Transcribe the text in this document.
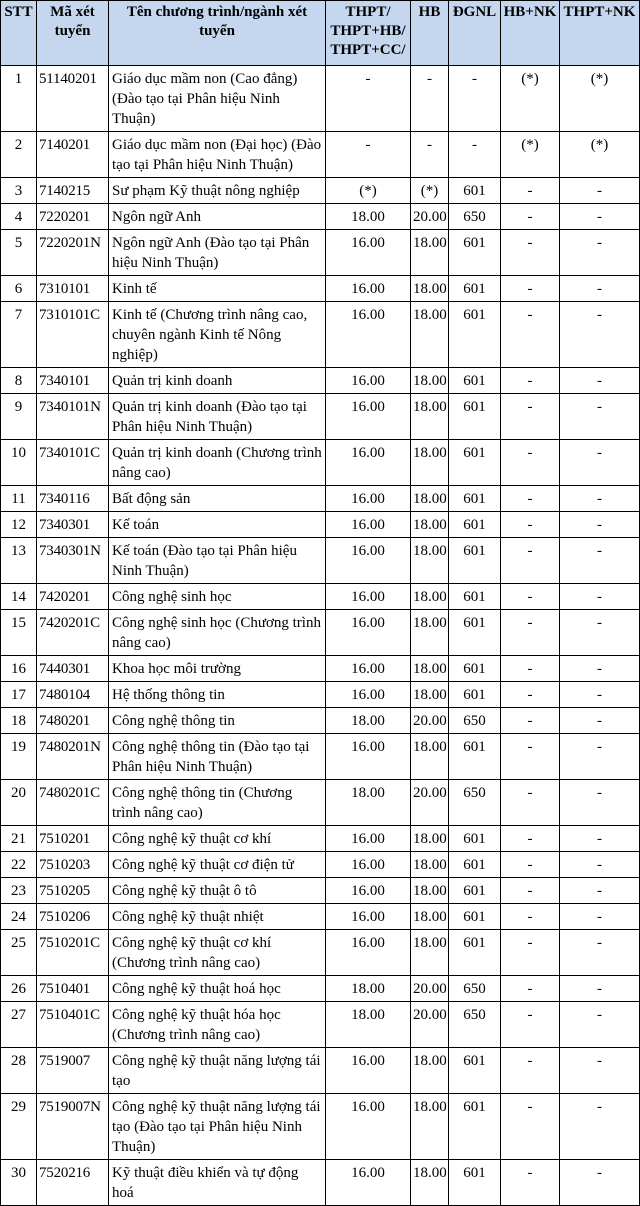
STT	Mã xét tuyển	Tên chương trình/ngành xét tuyển	THPT/ THPT+HB/ THPT+CC/	HB	ĐGNL	HB+NK	THPT+NK
1	51140201	Giáo dục mầm non (Cao đẳng) (Đào tạo tại Phân hiệu Ninh Thuận)	-	-	-	(*)	(*)
2	7140201	Giáo dục mầm non (Đại học) (Đào tạo tại Phân hiệu Ninh Thuận)	-	-	-	(*)	(*)
3	7140215	Sư phạm Kỹ thuật nông nghiệp	(*)	(*)	601	-	-
4	7220201	Ngôn ngữ Anh	18.00	20.00	650	-	-
5	7220201N	Ngôn ngữ Anh (Đào tạo tại Phân hiệu Ninh Thuận)	16.00	18.00	601	-	-
6	7310101	Kinh tế	16.00	18.00	601	-	-
7	7310101C	Kinh tế (Chương trình nâng cao, chuyên ngành Kinh tế Nông nghiệp)	16.00	18.00	601	-	-
8	7340101	Quản trị kinh doanh	16.00	18.00	601	-	-
9	7340101N	Quản trị kinh doanh (Đào tạo tại Phân hiệu Ninh Thuận)	16.00	18.00	601	-	-
10	7340101C	Quản trị kinh doanh (Chương trình nâng cao)	16.00	18.00	601	-	-
11	7340116	Bất động sản	16.00	18.00	601	-	-
12	7340301	Kế toán	16.00	18.00	601	-	-
13	7340301N	Kế toán (Đào tạo tại Phân hiệu Ninh Thuận)	16.00	18.00	601	-	-
14	7420201	Công nghệ sinh học	16.00	18.00	601	-	-
15	7420201C	Công nghệ sinh học (Chương trình nâng cao)	16.00	18.00	601	-	-
16	7440301	Khoa học môi trường	16.00	18.00	601	-	-
17	7480104	Hệ thống thông tin	16.00	18.00	601	-	-
18	7480201	Công nghệ thông tin	18.00	20.00	650	-	-
19	7480201N	Công nghệ thông tin (Đào tạo tại Phân hiệu Ninh Thuận)	16.00	18.00	601	-	-
20	7480201C	Công nghệ thông tin (Chương trình nâng cao)	18.00	20.00	650	-	-
21	7510201	Công nghệ kỹ thuật cơ khí	16.00	18.00	601	-	-
22	7510203	Công nghệ kỹ thuật cơ điện tử	16.00	18.00	601	-	-
23	7510205	Công nghệ kỹ thuật ô tô	16.00	18.00	601	-	-
24	7510206	Công nghệ kỹ thuật nhiệt	16.00	18.00	601	-	-
25	7510201C	Công nghệ kỹ thuật cơ khí (Chương trình nâng cao)	16.00	18.00	601	-	-
26	7510401	Công nghệ kỹ thuật hoá học	18.00	20.00	650	-	-
27	7510401C	Công nghệ kỹ thuật hóa học (Chương trình nâng cao)	18.00	20.00	650	-	-
28	7519007	Công nghệ kỹ thuật năng lượng tái tạo	16.00	18.00	601	-	-
29	7519007N	Công nghệ kỹ thuật năng lượng tái tạo (Đào tạo tại Phân hiệu Ninh Thuận)	16.00	18.00	601	-	-
30	7520216	Kỹ thuật điều khiển và tự động hoá	16.00	18.00	601	-	-
